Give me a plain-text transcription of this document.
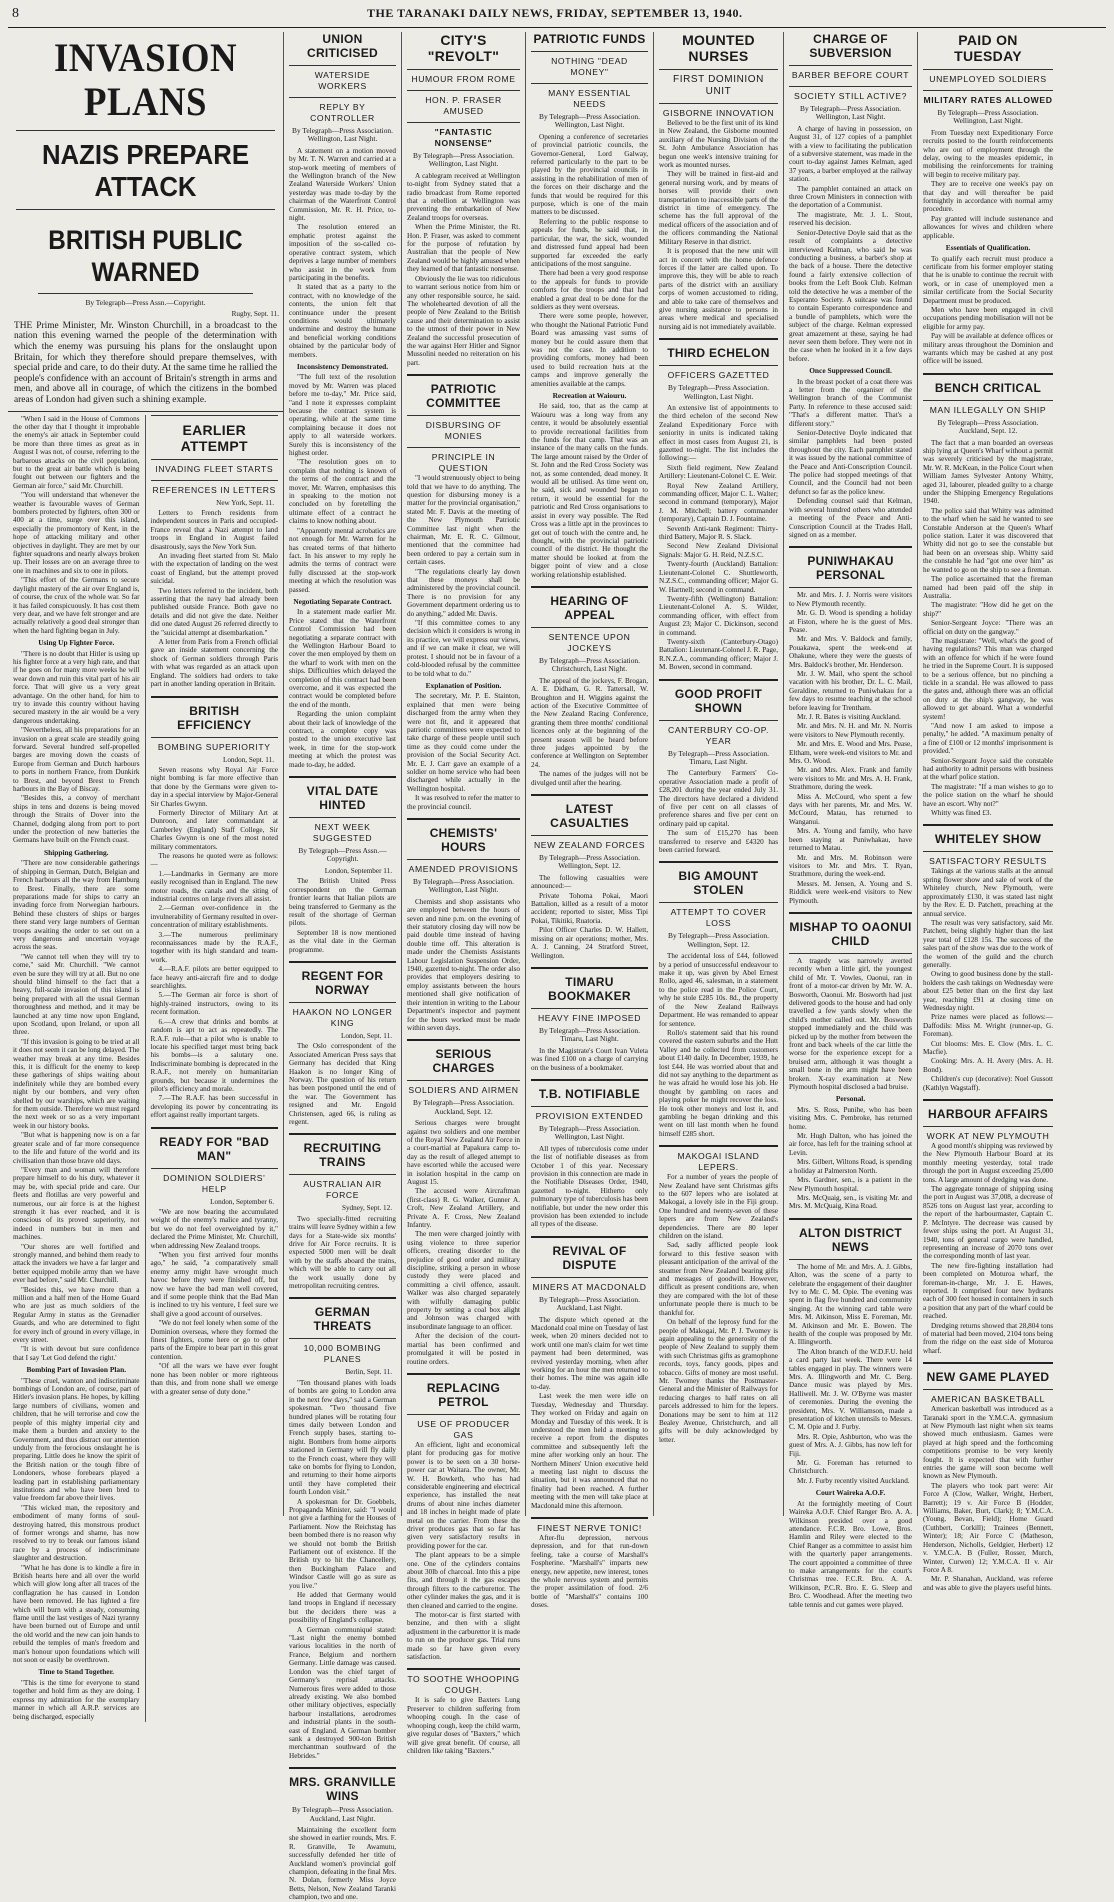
8	THE TARANAKI DAILY NEWS, FRIDAY, SEPTEMBER 13, 1940.
INVASION PLANS
NAZIS PREPARE ATTACK
BRITISH PUBLIC WARNED
By Telegraph—Press Assn.—Copyright.
Rugby, Sept. 11.
THE Prime Minister, Mr. Winston Churchill, in a broadcast to the nation this evening warned the people of the determination with which the enemy was pursuing his plans for the onslaught upon Britain, for which they therefore should prepare themselves, with special pride and care, to do their duty. At the same time he rallied the people's confidence with an account of Britain's strength in arms and men, and above all in courage, of which the citizens in the bombed areas of London had given such a shining example.

"When I said in the House of Commons the other day that I thought it improbable the enemy's air attack in September could be more than three times as great as in August I was not, of course, referring to the barbarous attacks on the civil population, but to the great air battle which is being fought out between our fighters and the German air force," said Mr. Churchill.

"You will understand that whenever the weather is favourable waves of German bombers protected by fighters, often 300 or 400 at a time, surge over this island, especially the promontory of Kent, in the hope of attacking military and other objectives in daylight. They are met by our fighter squadrons and nearly always broken up. Their losses are on an average three to one in machines and six to one in pilots.

"This effort of the Germans to secure daylight mastery of the air over England is, of course, the crux of the whole war. So far it has failed conspicuously. It has cost them very dear, and we have felt stronger and are actually relatively a good deal stronger than when the hard fighting began in July.

Using Up Fighter Force.

"There is no doubt that Hitler is using up his fighter force at a very high rate, and that if he goes on for many more weeks he will wear down and ruin this vital part of his air force. That will give us a very great advantage. On the other hand, for him to try to invade this country without having secured mastery in the air would be a very dangerous undertaking.

"Nevertheless, all his preparations for an invasion on a great scale are steadily going forward. Several hundred self-propelled barges are moving down the coasts of Europe from German and Dutch harbours to ports in northern France, from Dunkirk to Brest, and beyond Brest to French harbours in the Bay of Biscay.

"Besides this, a convoy of merchant ships in tens and dozens is being moved through the Straits of Dover into the Channel, dodging along from port to port under the protection of new batteries the Germans have built on the French coast.

Shipping Gathering.

"There are now considerable gatherings of shipping in German, Dutch, Belgian and French harbours all the way from Hamburg to Brest. Finally, there are some preparations made for ships to carry an invading force from Norwegian harbours. Behind these clusters of ships or barges there stand very large numbers of German troops awaiting the order to set out on a very dangerous and uncertain voyage across the seas.

"We cannot tell when they will try to come," said Mr. Churchill. "We cannot even be sure they will try at all. But no one should blind himself to the fact that a heavy, full-scale invasion of this island is being prepared with all the usual German thoroughness and method, and it may be launched at any time now upon England, upon Scotland, upon Ireland, or upon all three.

"If this invasion is going to be tried at all it does not seem it can be long delayed. The weather may break at any time. Besides this, it is difficult for the enemy to keep these gatherings of ships waiting about indefinitely while they are bombed every night by our bombers, and very often shelled by our warships, which are waiting for them outside. Therefore we must regard the next week or so as a very important week in our history books.

"But what is happening now is on a far greater scale and of far more consequence to the life and future of the world and its civilisation than those brave old days.

"Every man and woman will therefore prepare himself to do his duty, whatever it may be, with special pride and care. Our fleets and flotillas are very powerful and numerous, our air force is at the highest strength it has ever reached, and it is conscious of its proved superiority, not indeed in numbers but in men and machines.

"Our shores are well fortified and strongly manned, and behind them ready to attack the invaders we have a far larger and better equipped mobile army than we have ever had before," said Mr. Churchill.

"Besides this, we have more than a million and a half men of the Home Guard who are just as much soldiers of the Regular Army in status as the Grenadier Guards, and who are determined to fight for every inch of ground in every village, in every street.

"It is with devout but sure confidence that I say 'Let God defend the right.'

Bombing Part of Invasion Plan.

"These cruel, wanton and indiscriminate bombings of London are, of course, part of Hitler's invasion plans. He hopes, by killing large numbers of civilians, women and children, that he will terrorise and cow the people of this mighty imperial city and make them a burden and anxiety to the Government, and thus distract our attention unduly from the ferocious onslaught he is preparing. Little does he know the spirit of the British nation or the tough fibre of Londoners, whose forebears played a leading part in establishing parliamentary institutions and who have been bred to value freedom far above their lives.

"This wicked man, the repository and embodiment of many forms of soul-destroying hatred, this monstrous product of former wrongs and shame, has now resolved to try to break our famous island race by a process of indiscriminate slaughter and destruction.

"What he has done is to kindle a fire in British hearts here and all over the world which will glow long after all traces of the conflagration he has caused in London have been removed. He has lighted a fire which will burn with a steady, consuming flame until the last vestiges of Nazi tyranny have been burned out of Europe and until the old world and the new can join hands to rebuild the temples of man's freedom and man's honour upon foundations which will not soon or easily be overthrown.

Time to Stand Together.

"This is the time for everyone to stand together and hold firm as they are doing. I express my admiration for the exemplary manner in which all A.R.P. services are being discharged, especially

EARLIER ATTEMPT
INVADING FLEET STARTS
REFERENCES IN LETTERS
New York, Sept. 11.

Letters to French residents from independent sources in Paris and occupied-France reveal that a Nazi attempt to land troops in England in August failed disastrously, says the New York Sun.

An invading fleet started from St. Malo with the expectation of landing on the west coast of England, but the attempt proved suicidal.

Two letters referred to the incident, both asserting that the navy had already been published outside France. Both gave no details and did not give the date. Neither did one dated August 26 referred directly to the "suicidal attempt at disembarkation."

A letter from Paris from a French official gave an inside statement concerning the shock of German soldiers through Paris with what was regarded as an attack upon England. The soldiers had orders to take part in another landing operation in Britain.

BRITISH EFFICIENCY
BOMBING SUPERIORITY
London, Sept. 11.

Seven reasons why Royal Air Force night bombing is far more effective than that done by the Germans were given to-day in a special interview by Major-General Sir Charles Gwynn.

Formerly Director of Military Art at Dunroon, and later commandant at Camberley (England) Staff College, Sir Charles Gwynn is one of the most noted military commentators.

The reasons he quoted were as follows:—

1.—Landmarks in Germany are more easily recognised than in England. The new motor roads, the canals and the siting of industrial centres on large rivers all assist.

2.—German over-confidence in the invulnerability of Germany resulted in over-concentration of military establishments.

3.—The numerous preliminary reconnaissances made by the R.A.F., together with its high standard and team-work.

4.—R.A.F. pilots are better equipped to face heavy anti-aircraft fire and to dodge searchlights.

5.—The German air force is short of highly-trained instructors, owing to its recent formation.

6.—A crew that drinks and bombs at random is apt to act as repeatedly. The R.A.F. rule—that a pilot who is unable to locate his specified target must bring back his bombs—is a salutary one. Indiscriminate bombing is deprecated in the R.A.F., not merely on humanitarian grounds, but because it undermines the pilot's efficiency and morale.

7.—The R.A.F. has been successful in developing its power by concentrating its effort against really important targets.

READY FOR "BAD MAN"
DOMINION SOLDIERS' HELP
London, September 6.

"We are now bearing the accumulated weight of the enemy's malice and tyranny, but we do not feel overweighted by it," declared the Prime Minister, Mr. Churchill, when addressing New Zealand troops.

"When you first arrived four months ago," he said, "a comparatively small enemy army might have wrought much havoc before they were finished off, but now we have the bad man well covered, and if some people think that the Bad Man is inclined to try his venture, I feel sure we shall give a good account of ourselves.

"We do not feel lonely when some of the Dominion overseas, where they formed the finest fighters, come here or go to other parts of the Empire to bear part in this great contention.

"Of all the wars we have ever fought none has been nobler or more righteous than this, and from none shall we emerge with a greater sense of duty done."

UNION CRITICISED
WATERSIDE WORKERS
REPLY BY CONTROLLER
By Telegraph—Press Association. Wellington, Last Night.

A statement on a motion moved by Mr. T. N. Warren and carried at a stop-work meeting of members of the Wellington branch of the New Zealand Waterside Workers' Union yesterday was made to-day by the chairman of the Waterfront Control Commission, Mr. R. H. Price, to-night.

The resolution entered an emphatic protest against the imposition of the so-called co-operative contract system, which deprives a large number of members who assist in the work from participating in the benefits.

It stated that as a party to the contract, with no knowledge of the contents, the union felt that continuance under the present conditions would ultimately undermine and destroy the humane and beneficial working conditions obtained by the particular body of members.

Inconsistency Demonstrated.

"The full text of the resolution moved by Mr. Warren was placed before me to-day," Mr. Price said, "and I note it expresses complaint because the contract system is operating, while at the same time complaining because it does not apply to all waterside workers. Surely this is inconsistency of the highest order.

"The resolution goes on to complain that nothing is known of the terms of the contract and the mover, Mr. Warren, emphasises this in speaking to the motion not concluded on by foretelling the ultimate effect of a contract he claims to know nothing about.

"Apparently mental acrobatics are not enough for Mr. Warren for he has created terms of that hitherto fact. In his answer to my reply he admits the terms of contract were fully discussed at the stop-work meeting at which the resolution was passed.

Negotiating Separate Contract.

In a statement made earlier Mr. Price stated that the Waterfront Control Commission had been negotiating a separate contract with the Wellington Harbour Board to cover the men employed by them on the wharf to work with men on the ships. Difficulties which delayed the completion of this contract had been overcome, and it was expected the contract would be completed before the end of the month.

Regarding the union complaint about their lack of knowledge of the contract, a complete copy was posted to the union executive last week, in time for the stop-work meeting at which the protest was made to-day, he added.

VITAL DATE HINTED
NEXT WEEK SUGGESTED
By Telegraph—Press Assn.—Copyright.
London, September 11.

The British United Press correspondent on the German frontier learns that Italian pilots are being transferred to Germany as the result of the shortage of German pilots.

September 18 is now mentioned as the vital date in the German programme.

REGENT FOR NORWAY
HAAKON NO LONGER KING
London, Sept. 11.

The Oslo correspondent of the Associated American Press says that Germany has decided that King Haakon is no longer King of Norway. The question of his return has been postponed until the end of the war. The Government has resigned and Mr. Engold Christensen, aged 66, is ruling as regent.

RECRUITING TRAINS
AUSTRALIAN AIR FORCE
Sydney, Sept. 12.

Two specially-fitted recruiting trains will leave Sydney within a few days for a State-wide six months' drive for Air Force recruits. It is expected 5000 men will be dealt with by the staffs aboard the trains, which will be able to carry out all the work usually done by metropolitan recruiting centres.

GERMAN THREATS
10,000 BOMBING PLANES
Berlin, Sept. 11.

"Ten thousand planes with loads of bombs are going to London area in the next few days," said a German spokesman. "Two thousand five hundred planes will be rotating four times daily between London and French supply bases, starting to-night. Bombers from home airports stationed in Germany will fly daily to the French coast, where they will take on bombs for flying to London, and returning to their home airports until they have completed their fourth London visit."

A spokesman for Dr. Goebbels, Propaganda Minister, said: "I would not give a farthing for the Houses of Parliament. Now the Reichstag has been bombed there is no reason why we should not bomb the British Parliament out of existence. If the British try to hit the Chancellery, then Buckingham Palace and Windsor Castle will go as sure as you live."

He added that Germany would land troops in England if necessary but the deciders there was a possibility of England's collapse.

A German communiqué stated: "Last night the enemy bombed various localities in the north of France, Belgium and northern Germany. Little damage was caused. London was the chief target of Germany's reprisal attacks. Numerous fires were added to those already existing. We also bombed other military objectives, especially harbour installations, aerodromes and industrial plants in the south-east of England. A German bomber sank a destroyed 900-ton British merchantman southward of the Hebrides."

MRS. GRANVILLE WINS
By Telegraph—Press Association. Auckland, Last Night.

Maintaining the excellent form she showed in earlier rounds, Mrs. F. R. Granville, Te Awamutu, successfully defended her title of Auckland women's provincial golf champion, defeating in the final Mrs. N. Dolan, formerly Miss Joyce Betts, Nelson, New Zealand Taranki champion, two and one.

CITY'S "REVOLT"
HUMOUR FROM ROME
HON. P. FRASER AMUSED
"FANTASTIC NONSENSE"
By Telegraph—Press Association. Wellington, Last Night.

A cablegram received at Wellington to-night from Sydney stated that a radio broadcast from Rome reported that a rebellion at Wellington was preventing the embarkation of New Zealand troops for overseas.

When the Prime Minister, the Rt. Hon. P. Fraser, was asked to comment for the purpose of refutation by Australian that the people of New Zealand would be highly amused when they learned of that fantastic nonsense.

Obviously the lie was too ridiculous to warrant serious notice from him or any other responsible source, he said. The wholehearted devotion of all the people of New Zealand to the British cause and their determination to assist to the utmost of their power in New Zealand the successful prosecution of the war against Herr Hitler and Signor Mussolini needed no reiteration on his part.

PATRIOTIC COMMITTEE
DISBURSING OF MONIES
PRINCIPLE IN QUESTION

"I would strenuously object to being told that we have to do anything. The question for disbursing money is a matter for the provincial organisation," stated Mr. F. Davis at the meeting of the New Plymouth Patriotic Committee last night when the chairman, Mr. E. R. C. Gilmour, mentioned that the committee had been ordered to pay a certain sum in certain cases.

"The regulations clearly lay down that these moneys shall be administered by the provincial council. There is no provision for any Government department ordering us to do anything," added Mr. Davis.

"If this committee comes to any decision which it considers is wrong in its practice, we will express our views, and if we can make it clear, we will protest. I should not be in favour of a cold-blooded refusal by the committee to be told what to do."

Explanation of Position.

The secretary, Mr. P. E. Stainton, explained that men were being discharged from the army when they were not fit, and it appeared that patriotic committees were expected to take charge of these people until such time as they could come under the provision of the Social Security Act. Mr. E. J. Carr gave an example of a soldier on home service who had been discharged while actually in the Wellington hospital.

It was resolved to refer the matter to the provincial council.

CHEMISTS' HOURS
AMENDED PROVISIONS
By Telegraph—Press Association. Wellington, Last Night.

Chemists and shop assistants who are employed between the hours of seven and nine p.m. on the evening of their statutory closing day will now be paid double time instead of having double time off. This alteration is made under the Chemists Assistants Labour Legislation Suspension Order, 1940, gazetted to-night. The order also provides that employers desiring to employ assistants between the hours mentioned shall give notification of their intention in writing to the Labour Department's inspector and payment for the hours worked must be made within seven days.

SERIOUS CHARGES
SOLDIERS AND AIRMEN
By Telegraph—Press Association. Auckland, Sept. 12.

Serious charges were brought against two soldiers and one member of the Royal New Zealand Air Force in a court-martial at Papakura camp to-day as the result of alleged attempt to have escorted while the accused were in isolation hospital in the camp on August 15.

The accused were Aircraftman (first-class) R. G. Walker, Gunner A. Croft, New Zealand Artillery, and Private A. F. Cross, New Zealand Infantry.

The men were charged jointly with using violence to three superior officers, creating disorder to the prejudice of good order and military discipline, striking a person in whose custody they were placed and committing a civil offence, assault. Walker was also charged separately with wilfully damaging public property by setting a coal box alight and Johnson was charged with insubordinate language to an officer.

After the decision of the court-martial has been confirmed and promulgated it will be posted in routine orders.

REPLACING PETROL
USE OF PRODUCER GAS

An efficient, light and economical plant for producing gas for motive power is to be seen on a 30 horse-power car at Waitara. The owner, Mr. W. H. Bowketh, who has had considerable engineering and electrical experience, has installed the neat drums of about nine inches diameter and 18 inches in height made of plate metal on the carrier. From these the driver produces gas that so far has given very satisfactory results in providing power for the car.

The plant appears to be a simple one. One of the cylinders contains about 30lb of charcoal. Into this a pipe fits, and through it the gas escapes through filters to the carburettor. The other cylinder makes the gas, and it is then cleaned and carried to the engine.

The motor-car is first started with benzine, and then with a slight adjustment in the carburettor it is made to run on the producer gas. Trial runs made so far have given every satisfaction.

TO SOOTHE WHOOPING COUGH.

It is safe to give Baxters Lung Preserver to children suffering from whooping cough. In the case of whooping cough, keep the child warm, give regular doses of "Baxters," which will give great benefit. Of course, all children like taking "Baxters."

PATRIOTIC FUNDS
NOTHING "DEAD MONEY"
MANY ESSENTIAL NEEDS
By Telegraph—Press Association. Wellington, Last Night.

Opening a conference of secretaries of provincial patriotic councils, the Governor-General, Lord Galway, referred particularly to the part to be played by the provincial councils in assisting in the rehabilitation of men of the forces on their discharge and the funds that would be required for this purpose, which is one of the main matters to be discussed.

Referring to the public response to appeals for funds, he said that, in particular, the war, the sick, wounded and distressed fund appeal had been supported far exceeded the early anticipations of the most sanguine.

There had been a very good response to the appeals for funds to provide comforts for the troops and that had enabled a great deal to be done for the soldiers as they went overseas.

There were some people, however, who thought the National Patriotic Fund Board was amassing vast sums of money but he could assure them that was not the case. In addition to providing comforts, money had been used to build recreation huts at the camps and improve generally the amenities available at the camps.

Recreation at Waiouru.

He said, too, that as the camp at Waiouru was a long way from any centre, it would be absolutely essential to provide recreational facilities from the funds for that camp. That was an instance of the many calls on the funds. The large amount raised by the Order of St. John and the Red Cross Society was not, as some contended, dead money. It would all be utilised. As time went on, he said, sick and wounded began to return, it would be essential for the patriotic and Red Cross organisations to assist in every way possible. The Red Cross was a little apt in the provinces to get out of touch with the centre and, he thought, with the provincial patriotic council of the district. He thought the matter should be looked at from the bigger point of view and a close working relationship established.

HEARING OF APPEAL
SENTENCE UPON JOCKEYS
By Telegraph—Press Association. Christchurch, Last Night.

The appeal of the jockeys, F. Brogan, A. E. Didham, G. R. Tattersall, W. Broughton and H. Wiggins against the action of the Executive Committee of the New Zealand Racing Conference, granting them three months' conditional licences only at the beginning of the present season will be heard before three judges appointed by the conference at Wellington on September 24.

The names of the judges will not be divulged until after the hearing.

LATEST CASUALTIES
NEW ZEALAND FORCES
By Telegraph—Press Association. Wellington, Sept. 12.

The following casualties were announced:—

Private Tohoma Pokai, Maori Battalion, killed as a result of a motor accident; reported to sister, Miss Tipi Pokai, Tikitiki, Ruatoria.

Pilot Officer Charles D. W. Hallett, missing on air operations; mother, Mrs. A. J. Canning, 24 Stratford Street, Wellington.

TIMARU BOOKMAKER
HEAVY FINE IMPOSED
By Telegraph—Press Association. Timaru, Last Night.

In the Magistrate's Court Ivan Vuleta was fined £100 on a charge of carrying on the business of a bookmaker.

T.B. NOTIFIABLE
PROVISION EXTENDED
By Telegraph—Press Association. Wellington, Last Night.

All types of tuberculosis come under the list of notifiable diseases as from October 1 of this year. Necessary provision in this connection are made in the Notifiable Diseases Order, 1940, gazetted to-night. Hitherto only pulmonary type of tuberculosis has been notifiable, but under the new order this provision has been extended to include all types of the disease.

REVIVAL OF DISPUTE
MINERS AT MACDONALD
By Telegraph—Press Association. Auckland, Last Night.

The dispute which opened at the Macdonald coal mine on Tuesday of last week, when 20 miners decided not to work until one man's claim for wet time payment had been determined, was revived yesterday morning, when after working for an hour the men returned to their homes. The mine was again idle to-day.

Last week the men were idle on Tuesday, Wednesday and Thursday. They worked on Friday and again on Monday and Tuesday of this week. It is understood the men held a meeting to receive a report from the disputes committee and subsequently left the mine after working only an hour. The Northern Miners' Union executive held a meeting last night to discuss the situation, but it was announced that no finality had been reached. A further meeting with the men will take place at Macdonald mine this afternoon.

FINEST NERVE TONIC!

After-flu depression, nervous depression, and for that run-down feeling, take a course of Marshall's Fospherine. "Marshall's" imparts new energy, new appetite, new interest, tones the whole nervous system and permits the proper assimilation of food. 2/6 bottle of "Marshall's" contains 100 doses.

MOUNTED NURSES
FIRST DOMINION UNIT
GISBORNE INNOVATION

Believed to be the first unit of its kind in New Zealand, the Gisborne mounted auxiliary of the Nursing Division of the St. John Ambulance Association has begun one week's intensive training for work as mounted nurses.

They will be trained in first-aid and general nursing work, and by means of horses will provide their own transportation to inaccessible parts of the district in time of emergency. The scheme has the full approval of the medical officers of the association and of the officers commanding the National Military Reserve in that district.

It is proposed that the new unit will act in concert with the home defence forces if the latter are called upon. To improve this, they will be able to reach parts of the district with an auxiliary corps of women accustomed to riding, and able to take care of themselves and give nursing assistance to persons in areas where medical and specialised nursing aid is not immediately available.

THIRD ECHELON
OFFICERS GAZETTED
By Telegraph—Press Association. Wellington, Last Night.

An extensive list of appointments to the third echelon of the second New Zealand Expeditionary Force with seniority in units is indicated taking effect in most cases from August 21, is gazetted to-night. The list includes the following:—

Sixth field regiment, New Zealand Artillery: Lieutenant-Colonel C. E. Weir.

Royal New Zealand Artillery, commanding officer, Major C. L. Walter; second in command (temporary), Major J. M. Mitchell; battery commander (temporary), Captain D. J. Fountaine.

Seventh Anti-tank Regiment: Thirty-third Battery, Major R. S. Slack.

Second New Zealand Divisional Signals: Major G. H. Reid, N.Z.S.C.

Twenty-fourth (Auckland) Battalion: Lieutenant-Colonel C. Shuttleworth, N.Z.S.C., commanding officer; Major G. W. Hartnell; second in command.

Twenty-fifth (Wellington) Battalion: Lieutenant-Colonel A. S. Wilder, commanding officer, with effect from August 23; Major C. Dickinson, second in command.

Twenty-sixth (Canterbury-Otago) Battalion: Lieutenant-Colonel J. R. Page, R.N.Z.A., commanding officer; Major J. M. Bowen, second in command.

GOOD PROFIT SHOWN
CANTERBURY CO-OP. YEAR
By Telegraph—Press Association. Timaru, Last Night.

The Canterbury Farmers' Co-operative Association made a profit of £28,201 during the year ended July 31. The directors have declared a dividend of five per cent on all classes of preference shares and five per cent on ordinary paid up capital.

The sum of £15,270 has been transferred to reserve and £4320 has been carried forward.

BIG AMOUNT STOLEN
ATTEMPT TO COVER LOSS
By Telegraph—Press Association. Wellington, Sept. 12.

The accidental loss of £44, followed by a period of unsuccessful endeavour to make it up, was given by Abel Ernest Rollo, aged 46, salesman, in a statement to the police read in the Police Court, why he stole £285 10s. 8d., the property of the New Zealand Railways Department. He was remanded to appear for sentence.

Rollo's statement said that his round covered the eastern suburbs and the Hutt Valley and he collected from customers about £140 daily. In December, 1939, he lost £44. He was worried about that and did not say anything to the department as he was afraid he would lose his job. He thought by gambling on races and playing poker he might recover the loss. He took other moneys and lost it, and gambling he began drinking and this went on till last month when he found himself £285 short.

MAKOGAI ISLAND LEPERS.

For a number of years the people of New Zealand have sent Christmas gifts to the 607 lepers who are isolated at Makogai, a lovely isle in the Fiji group. One hundred and twenty-seven of these lepers are from New Zealand's dependencies. There are 80 leper children on the island.

Sad, sadly afflicted people look forward to this festive season with pleasant anticipation of the arrival of the steamer from New Zealand bearing gifts and messages of goodwill. However, difficult as present conditions are, when they are compared with the lot of these unfortunate people there is much to be thankful for.

On behalf of the leprosy fund for the people of Makogai, Mr. P. J. Twomey is again appealing to the generosity of the people of New Zealand to supply them with such Christmas gifts as gramophone records, toys, fancy goods, pipes and tobacco. Gifts of money are most useful. Mr. Twomey thanks the Postmaster-General and the Minister of Railways for reducing charges to half rates on all parcels addressed to him for the lepers. Donations may be sent to him at 112 Bealey Avenue, Christchurch, and all gifts will be duly acknowledged by letter.

CHARGE OF SUBVERSION
BARBER BEFORE COURT
SOCIETY STILL ACTIVE?
By Telegraph—Press Association. Wellington, Last Night.

A charge of having in possession, on August 31, of 127 copies of a pamphlet with a view to facilitating the publication of a subversive statement, was made in the court to-day against James Kelman, aged 37 years, a barber employed at the railway station.

The pamphlet contained an attack on three Crown Ministers in connection with the deportation of a Communist.

The magistrate, Mr. J. L. Stout, reserved his decision.

Senior-Detective Doyle said that as the result of complaints a detective interviewed Kelman, who said he was conducting a business, a barber's shop at the back of a house. There the detective found a fairly extensive collection of books from the Left Book Club. Kelman told the detective he was a member of the Esperanto Society. A suitcase was found to contain Esperanto correspondence and a bundle of pamphlets, which were the subject of the charge. Kelman expressed great amazement at these, saying he had never seen them before. They were not in the case when he looked in it a few days before.

Once Suppressed Council.

In the breast pocket of a coat there was a letter from the organiser of the Wellington branch of the Communist Party. In reference to these accused said: "That's a different matter. That's a different story."

Senior-Detective Doyle indicated that similar pamphlets had been posted throughout the city. Each pamphlet stated it was issued by the national committee of the Peace and Anti-Conscription Council. The police had stopped meetings of that Council, and the Council had not been defunct so far as the police knew.

Defending counsel said that Kelman, with several hundred others who attended a meeting of the Peace and Anti-Conscription Council at the Trades Hall, signed on as a member.

PUNIWHAKAU PERSONAL

Mr. and Mrs. J. J. Norris were visitors to New Plymouth recently.

Mr. G. D. Wood is spending a holiday at Fiston, where he is the guest of Mrs. Pease.

Mr. and Mrs. V. Baldock and family, Pouakawa, spent the week-end at Ohakune, where they were the guests of Mrs. Baldock's brother, Mr. Henderson.

Mr. J. W. Mail, who spent the school vacation with his brother, Dr. L. C. Mail, Geraldine, returned to Puniwhakau for a few days to resume teaching at the school before leaving for Trentham.

Mr. J. R. Bates is visiting Auckland.

Mr. and Mrs. N. H. and Mr. N. Norris were visitors to New Plymouth recently.

Mr. and Mrs. E. Wood and Mrs. Pease, Eltham, were week-end visitors to Mr. and Mrs. O. Wood.

Mr. and Mrs. Alex. Frank and family were visitors to Mr. and Mrs. A. H. Frank, Strathmore, during the week.

Miss A. McCourd, who spent a few days with her parents, Mr. and Mrs. W. McCourd, Matau, has returned to Wanganui.

Mrs. A. Young and family, who have been staying at Puniwhakau, have returned to Matau.

Mr. and Mrs. M. Robinson were visitors to Mr. and Mrs. T. Ryan, Strathmore, during the week-end.

Messrs. M. Jensen, A. Young and S. Riddick were week-end visitors to New Plymouth.

MISHAP TO OAONUI CHILD

A tragedy was narrowly averted recently when a little girl, the youngest child of Mr. T. Vowles, Oaonui, ran in front of a motor-car driven by Mr. W. A. Bosworth, Oaonui. Mr. Bosworth had just delivered goods to the house and had only travelled a few yards slowly when the child's mother called out. Mr. Bosworth stopped immediately and the child was picked up by the mother from between the front and back wheels of the car little the worse for the experience except for a bruised arm, although it was thought a small bone in the arm might have been broken. X-ray examination at New Plymouth hospital disclosed a bad bruise.

Personal.

Mrs. S. Ross, Punihe, who has been visiting Mrs. C. Pembroke, has returned home.

Mr. Hugh Dalton, who has joined the air force, has left for the training school at Levin.

Mrs. Gilbert, Wiltons Road, is spending a holiday at Palmerston North.

Mrs. Gardner, sen., is a patient in the New Plymouth hospital.

Mrs. McQuaig, sen., is visiting Mr. and Mrs. M. McQuaig, Kina Road.

ALTON DISTRICT NEWS

The home of Mr. and Mrs. A. J. Gibbs, Alton, was the scene of a party to celebrate the engagement of their daughter Ivy to Mr. C. M. Opie. The evening was spent in flag five hundred and community singing. At the winning card table were Mrs. M. Atkinson, Miss E. Foreman, Mr. M. Atkinson and Mr. E. Bowen. The health of the couple was proposed by Mr. A. Illingworth.

The Alton branch of the W.D.F.U. held a card party last week. There were 14 tables engaged in play. The winners were Mrs. A. Illingworth and Mr. C. Berg. Dance music was played by Mrs. Halliwell. Mr. J. W. O'Byrne was master of ceremonies. During the evening the president, Mrs. V. Williamson, made a presentation of kitchen utensils to Messrs. C. M. Opie and J. Furby.

Mrs. R. Opie, Ashburton, who was the guest of Mrs. A. J. Gibbs, has now left for Fiji.

Mr. G. Foreman has returned to Christchurch.

Mr. J. Furby recently visited Auckland.

Court Waireka A.O.F.

At the fortnightly meeting of Court Waireka A.O.F. Chief Ranger Bro. A. A. Wilkinson presided over a good attendance. F.C.R. Bro. Lowe, Bros. Hamlin and Riley were elected to the Chief Ranger as a committee to assist him with the quarterly paper arrangements. The court appointed a committee of three to make arrangements for the court's Christmas tree. F.C.R. Bro. A. A. Wilkinson, P.C.R. Bro. E. G. Sleep and Bro. C. Woodhead. After the meeting two table tennis and cut games were played.

PAID ON TUESDAY
UNEMPLOYED SOLDIERS
MILITARY RATES ALLOWED
By Telegraph—Press Association. Wellington, Last Night.

From Tuesday next Expeditionary Force recruits posted to the fourth reinforcements who are out of employment through the delay, owing to the measles epidemic, in mobilising the reinforcements for training will begin to receive military pay.

They are to receive one week's pay on that day and will thereafter be paid fortnightly in accordance with normal army procedure.

Pay granted will include sustenance and allowances for wives and children where applicable.

Essentials of Qualification.

To qualify each recruit must produce a certificate from his former employer stating that he is unable to continue the recruit with work, or in case of unemployed men a similar certificate from the Social Security Department must be produced.

Men who have been engaged in civil occupations pending mobilisation will not be eligible for army pay.

Pay will be available at defence offices or military areas throughout the Dominion and warrants which may be cashed at any post office will be issued.

BENCH CRITICAL
MAN ILLEGALLY ON SHIP
By Telegraph—Press Association. Auckland, Sept. 12.

The fact that a man boarded an overseas ship lying at Queen's Wharf without a permit was severely criticised by the magistrate, Mr. W. R. McKean, in the Police Court when William James Sylvester Antony Whitty, aged 31, labourer, pleaded guilty to a charge under the Shipping Emergency Regulations 1940.

The police said that Whitty was admitted to the wharf when he said he wanted to see Constable Anderson at the Queen's Wharf police station. Later it was discovered that Whitty did not go to see the constable but had been on an overseas ship. Whitty said the constable he had "got one over him" as he wanted to go on the ship to see a fireman.

The police ascertained that the fireman named had been paid off the ship in Australia.

The magistrate: "How did he get on the ship?"

Senior-Sergeant Joyce: "There was an official on duty on the gangway."

The magistrate: "Well, what's the good of having regulations? This man was charged with an offence for which if he were found he tried in the Supreme Court. It is supposed to be a serious offence, but no pinching a tickle in a scandal. He was allowed to pass the gates and, although there was an official on duty at the ship's gangway, he was allowed to get aboard. What a wonderful system!

"And now I am asked to impose a penalty," he added. "A maximum penalty of a fine of £100 or 12 months' imprisonment is provided."

Senior-Sergeant Joyce said the constable had authority to admit persons with business at the wharf police station.

The magistrate: "If a man wishes to go to the police station on the wharf he should have an escort. Why not?"

Whitty was fined £3.

WHITELEY SHOW
SATISFACTORY RESULTS

Takings at the various stalls at the annual spring flower show and sale of work of the Whiteley church, New Plymouth, were approximately £130, it was stated last night by the Rev. E. D. Patchett, preaching at the annual service.

The result was very satisfactory, said Mr. Patchett, being slightly higher than the last year total of £128 15s. The success of the sales part of the show was due to the work of the women of the guild and the church generally.

Owing to good business done by the stall-holders the cash takings on Wednesday were about £25 better than on the first day last year, reaching £91 at closing time on Wednesday night.

Prize names were placed as follows:— Daffodils: Miss M. Wright (runner-up, G. Foreman).

Cut blooms: Mrs. E. Clow (Mrs. L. C. Macfie).

Cooking: Mrs. A. H. Avery (Mrs. A. H. Bond).

Children's cup (decorative): Noel Gussott (Kathlyn Wagstaff).

HARBOUR AFFAIRS
WORK AT NEW PLYMOUTH

A good month's shipping was reviewed by the New Plymouth Harbour Board at its monthly meeting yesterday, total trade through the port in August exceeding 25,000 tons. A large amount of dredging was done.

The aggregate tonnage of shipping using the port in August was 37,008, a decrease of 8526 tons on August last year, according to the report of the harbourmaster, Captain C. P. McIntyre. The decrease was caused by fewer ships using the port. At August 31, 1940, tons of general cargo were handled, representing an increase of 2070 tons over the corresponding month of last year.

The new fire-fighting installation had been completed on Moturoa wharf, the foreman-in-charge, Mr. J. E. Hawes, reported. It comprised four new hydrants each of 300 feet housed in containers in such a position that any part of the wharf could be reached.

Dredging returns showed that 28,804 tons of material had been moved, 2104 tons being from the ridge on the east side of Moturoa wharf.

NEW GAME PLAYED
AMERICAN BASKETBALL

American basketball was introduced as a Taranaki sport in the Y.M.C.A. gymnasium at New Plymouth last night when six teams showed much enthusiasm. Games were played at high speed and the forthcoming competitions promise to be very keenly fought. It is expected that with further entries the game will soon become well known as New Plymouth.

The players who took part were: Air Force A (Clow, Walker, Wright, Herbert, Barrett); 19 v. Air Force B (Hodder, Williams, Baker, Burt, Clark); 8; Y.M.C.A. (Young, Bevan, Field); Home Guard (Cuthbert, Corkill); Trainees (Bennett, Winter); 18; Air Force C (Matheson, Henderson, Nicholls, Geldgier, Herbert) 12 v. Y.M.C.A. B (Fuller, Rosser, Murch, Winter, Curwen) 12; Y.M.C.A. II v. Air Force A 8.

Mr. P. Shanahan, Auckland, was referee and was able to give the players useful hints.
